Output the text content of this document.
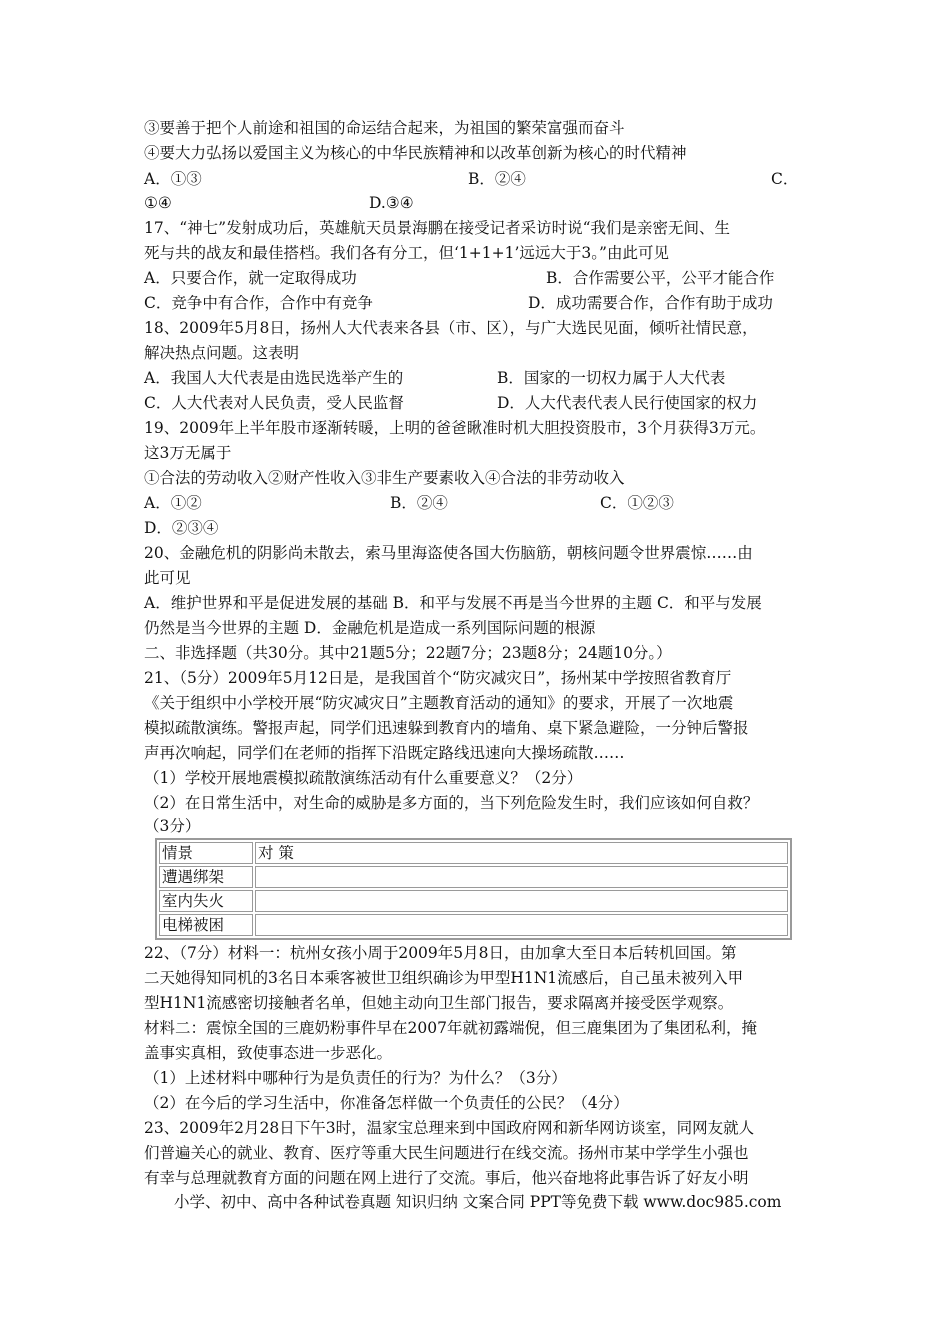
③要善于把个人前途和祖国的命运结合起来，为祖国的繁荣富强而奋斗
④要大力弘扬以爱国主义为核心的中华民族精神和以改革创新为核心的时代精神
A．①③	B．②④	C．
①④	D.③④
17、“神七”发射成功后，英雄航天员景海鹏在接受记者采访时说“我们是亲密无间、生
死与共的战友和最佳搭档。我们各有分工，但‘1+1+1’远远大于3。”由此可见
A．只要合作，就一定取得成功	B．合作需要公平，公平才能合作
C．竞争中有合作，合作中有竞争	D．成功需要合作，合作有助于成功
18、2009年5月8日，扬州人大代表来各县（市、区），与广大选民见面，倾听社情民意，
解决热点问题。这表明
A．我国人大代表是由选民选举产生的	B．国家的一切权力属于人大代表
C．人大代表对人民负责，受人民监督	D．人大代表代表人民行使国家的权力
19、2009年上半年股市逐渐转暖，上明的爸爸瞅准时机大胆投资股市，3个月获得3万元。
这3万无属于
①合法的劳动收入②财产性收入③非生产要素收入④合法的非劳动收入
A．①②	B．②④	C．①②③
D．②③④
20、金融危机的阴影尚未散去，索马里海盗使各国大伤脑筋，朝核问题令世界震惊……由
此可见
A．维护世界和平是促进发展的基础 B．和平与发展不再是当今世界的主题 C．和平与发展
仍然是当今世界的主题 D．金融危机是造成一系列国际问题的根源
二、非选择题（共30分。其中21题5分；22题7分；23题8分；24题10分。）
21、（5分）2009年5月12日是，是我国首个“防灾减灾日”，扬州某中学按照省教育厅
《关于组织中小学校开展“防灾减灾日”主题教育活动的通知》的要求，开展了一次地震
模拟疏散演练。警报声起，同学们迅速躲到教育内的墙角、桌下紧急避险，一分钟后警报
声再次响起，同学们在老师的指挥下沿既定路线迅速向大操场疏散……
（1）学校开展地震模拟疏散演练活动有什么重要意义？（2分）
（2）在日常生活中，对生命的威胁是多方面的，当下列危险发生时，我们应该如何自救？
（3分）
情景	对 策
遭遇绑架	
室内失火	
电梯被困	
22、（7分）材料一：杭州女孩小周于2009年5月8日，由加拿大至日本后转机回国。第
二天她得知同机的3名日本乘客被世卫组织确诊为甲型H1N1流感后，自己虽未被列入甲
型H1N1流感密切接触者名单，但她主动向卫生部门报告，要求隔离并接受医学观察。
材料二：震惊全国的三鹿奶粉事件早在2007年就初露端倪，但三鹿集团为了集团私利，掩
盖事实真相，致使事态进一步恶化。
（1）上述材料中哪种行为是负责任的行为？为什么？（3分）
（2）在今后的学习生活中，你准备怎样做一个负责任的公民？（4分）
23、2009年2月28日下午3时，温家宝总理来到中国政府网和新华网访谈室，同网友就人
们普遍关心的就业、教育、医疗等重大民生问题进行在线交流。扬州市某中学学生小强也
有幸与总理就教育方面的问题在网上进行了交流。事后，他兴奋地将此事告诉了好友小明
小学、初中、高中各种试卷真题 知识归纳 文案合同 PPT等免费下载 www.doc985.com
